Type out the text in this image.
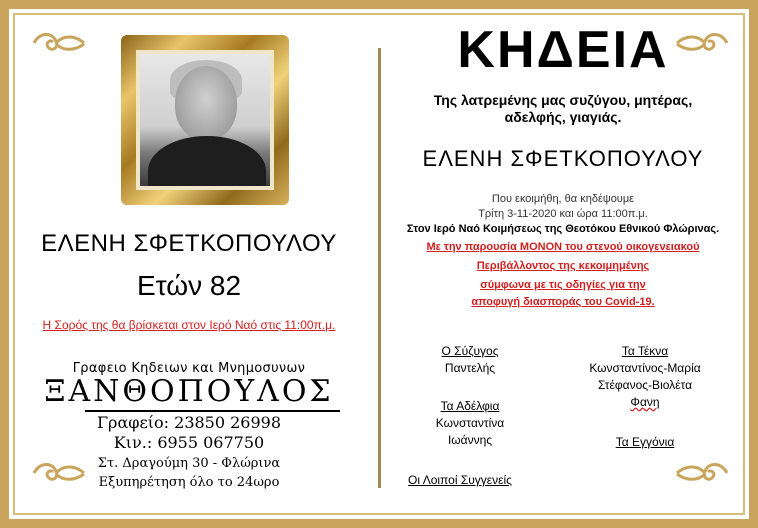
ΕΛΕΝΗ ΣΦΕΤΚΟΠΟΥΛΟΥ
Ετών 82
Η Σορός της θα βρίσκεται στον Ιερό Ναό στις 11:00π.μ.
Γραφειο Κηδειων και Μνημοσυνων
ΞΑΝΘΟΠΟΥΛΟΣ
Γραφείο: 23850 26998
Κιν.: 6955 067750
Στ. Δραγούμη 30 - Φλώρινα
Εξυπηρέτηση όλο το 24ωρο
ΚΗΔΕΙΑ
Της λατρεμένης μας συζύγου, μητέρας,
αδελφής, γιαγιάς.
ΕΛΕΝΗ ΣΦΕΤΚΟΠΟΥΛΟΥ
Που εκοιμήθη, θα κηδέψουμε
Τρίτη 3-11-2020 και ώρα 11:00π.μ.
Στον Ιερό Ναό Κοιμήσεως της Θεοτόκου Εθνικού Φλώρινας.
Με την παρουσία ΜΟΝΟΝ του στενού οικογενειακού
Περιβάλλοντος της κεκοιμημένης
σύμφωνα με τις οδηγίες για την
αποφυγή διασποράς του Covid-19.
Ο Σύζυγος
Παντελής
Τα Αδέλφια
Κωνσταντίνα
Ιωάννης
Τα Τέκνα
Κωνσταντίνος-Μαρία
Στέφανος-Βιολέτα
Φανη
Τα Εγγόνια
Οι Λοιποί Συγγενείς
